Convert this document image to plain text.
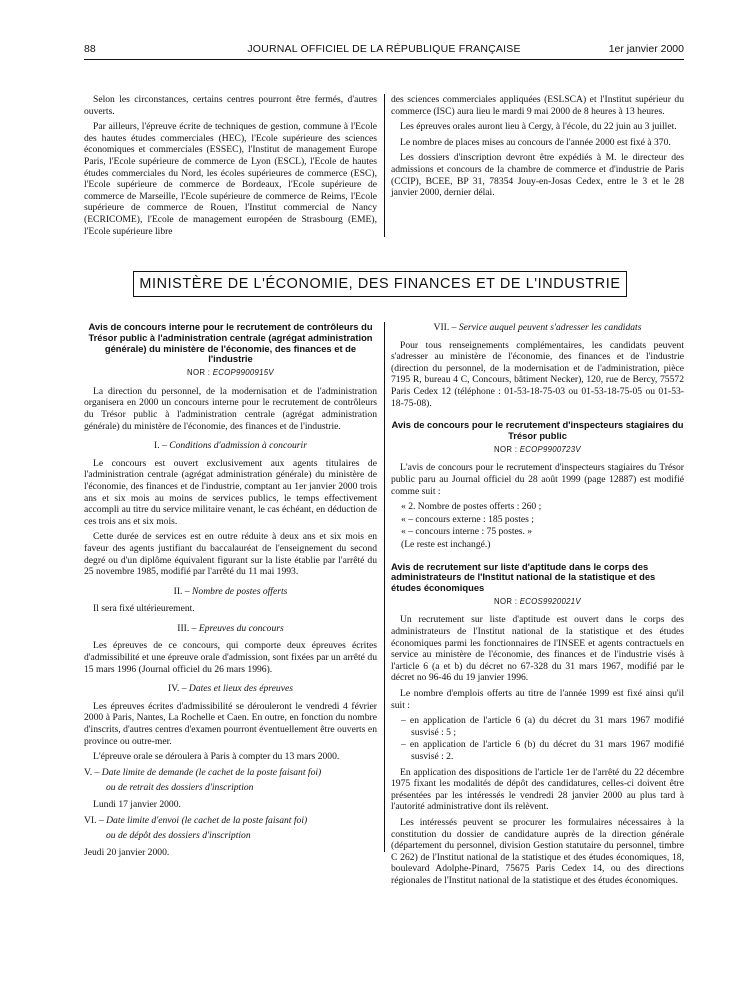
88	JOURNAL OFFICIEL DE LA RÉPUBLIQUE FRANÇAISE	1er janvier 2000

Selon les circonstances, certains centres pourront être fermés, d'autres ouverts.

Par ailleurs, l'épreuve écrite de techniques de gestion, commune à l'Ecole des hautes études commerciales (HEC), l'Ecole supérieure des sciences économiques et commerciales (ESSEC), l'Institut de management Europe Paris, l'Ecole supérieure de commerce de Lyon (ESCL), l'Ecole de hautes études commerciales du Nord, les écoles supérieures de commerce (ESC), l'Ecole supérieure de commerce de Bordeaux, l'Ecole supérieure de commerce de Marseille, l'Ecole supérieure de commerce de Reims, l'Ecole supérieure de commerce de Rouen, l'Institut commercial de Nancy (ECRICOME), l'Ecole de management européen de Strasbourg (EME), l'Ecole supérieure libre

des sciences commerciales appliquées (ESLSCA) et l'Institut supérieur du commerce (ISC) aura lieu le mardi 9 mai 2000 de 8 heures à 13 heures.

Les épreuves orales auront lieu à Cergy, à l'école, du 22 juin au 3 juillet.

Le nombre de places mises au concours de l'année 2000 est fixé à 370.

Les dossiers d'inscription devront être expédiés à M. le directeur des admissions et concours de la chambre de commerce et d'industrie de Paris (CCIP), BCEE, BP 31, 78354 Jouy-en-Josas Cedex, entre le 3 et le 28 janvier 2000, dernier délai.

MINISTÈRE DE L'ÉCONOMIE, DES FINANCES ET DE L'INDUSTRIE
Avis de concours interne pour le recrutement de contrôleurs du Trésor public à l'administration centrale (agrégat administration générale) du ministère de l'économie, des finances et de l'industrie
NOR : ECOP9900915V

La direction du personnel, de la modernisation et de l'administration organisera en 2000 un concours interne pour le recrutement de contrôleurs du Trésor public à l'administration centrale (agrégat administration générale) du ministère de l'économie, des finances et de l'industrie.

I. – Conditions d'admission à concourir

Le concours est ouvert exclusivement aux agents titulaires de l'administration centrale (agrégat administration générale) du ministère de l'économie, des finances et de l'industrie, comptant au 1er janvier 2000 trois ans et six mois au moins de services publics, le temps effectivement accompli au titre du service militaire venant, le cas échéant, en déduction de ces trois ans et six mois.

Cette durée de services est en outre réduite à deux ans et six mois en faveur des agents justifiant du baccalauréat de l'enseignement du second degré ou d'un diplôme équivalent figurant sur la liste établie par l'arrêté du 25 novembre 1985, modifié par l'arrêté du 11 mai 1993.

II. – Nombre de postes offerts

Il sera fixé ultérieurement.

III. – Epreuves du concours

Les épreuves de ce concours, qui comporte deux épreuves écrites d'admissibilité et une épreuve orale d'admission, sont fixées par un arrêté du 15 mars 1996 (Journal officiel du 26 mars 1996).

IV. – Dates et lieux des épreuves

Les épreuves écrites d'admissibilité se dérouleront le vendredi 4 février 2000 à Paris, Nantes, La Rochelle et Caen. En outre, en fonction du nombre d'inscrits, d'autres centres d'examen pourront éventuellement être ouverts en province ou outre-mer.

L'épreuve orale se déroulera à Paris à compter du 13 mars 2000.

V. – Date limite de demande (le cachet de la poste faisant foi)

ou de retrait des dossiers d'inscription

Lundi 17 janvier 2000.

VI. – Date limite d'envoi (le cachet de la poste faisant foi)

ou de dépôt des dossiers d'inscription

Jeudi 20 janvier 2000.

VII. – Service auquel peuvent s'adresser les candidats

Pour tous renseignements complémentaires, les candidats peuvent s'adresser au ministère de l'économie, des finances et de l'industrie (direction du personnel, de la modernisation et de l'administration, pièce 7195 R, bureau 4 C, Concours, bâtiment Necker), 120, rue de Bercy, 75572 Paris Cedex 12 (téléphone : 01-53-18-75-03 ou 01-53-18-75-05 ou 01-53-18-75-08).

Avis de concours pour le recrutement d'inspecteurs stagiaires du Trésor public
NOR : ECOP9900723V

L'avis de concours pour le recrutement d'inspecteurs stagiaires du Trésor public paru au Journal officiel du 28 août 1999 (page 12887) est modifié comme suit :

« 2. Nombre de postes offerts : 260 ;

« – concours externe : 185 postes ;

« – concours interne : 75 postes. »

(Le reste est inchangé.)

Avis de recrutement sur liste d'aptitude dans le corps des administrateurs de l'Institut national de la statistique et des études économiques
NOR : ECOS9920021V

Un recrutement sur liste d'aptitude est ouvert dans le corps des administrateurs de l'Institut national de la statistique et des études économiques parmi les fonctionnaires de l'INSEE et agents contractuels en service au ministère de l'économie, des finances et de l'industrie visés à l'article 6 (a et b) du décret no 67-328 du 31 mars 1967, modifié par le décret no 96-46 du 19 janvier 1996.

Le nombre d'emplois offerts au titre de l'année 1999 est fixé ainsi qu'il suit :

– en application de l'article 6 (a) du décret du 31 mars 1967 modifié susvisé : 5 ;

– en application de l'article 6 (b) du décret du 31 mars 1967 modifié susvisé : 2.

En application des dispositions de l'article 1er de l'arrêté du 22 décembre 1975 fixant les modalités de dépôt des candidatures, celles-ci doivent être présentées par les intéressés le vendredi 28 janvier 2000 au plus tard à l'autorité administrative dont ils relèvent.

Les intéressés peuvent se procurer les formulaires nécessaires à la constitution du dossier de candidature auprès de la direction générale (département du personnel, division Gestion statutaire du personnel, timbre C 262) de l'Institut national de la statistique et des études économiques, 18, boulevard Adolphe-Pinard, 75675 Paris Cedex 14, ou des directions régionales de l'Institut national de la statistique et des études économiques.
